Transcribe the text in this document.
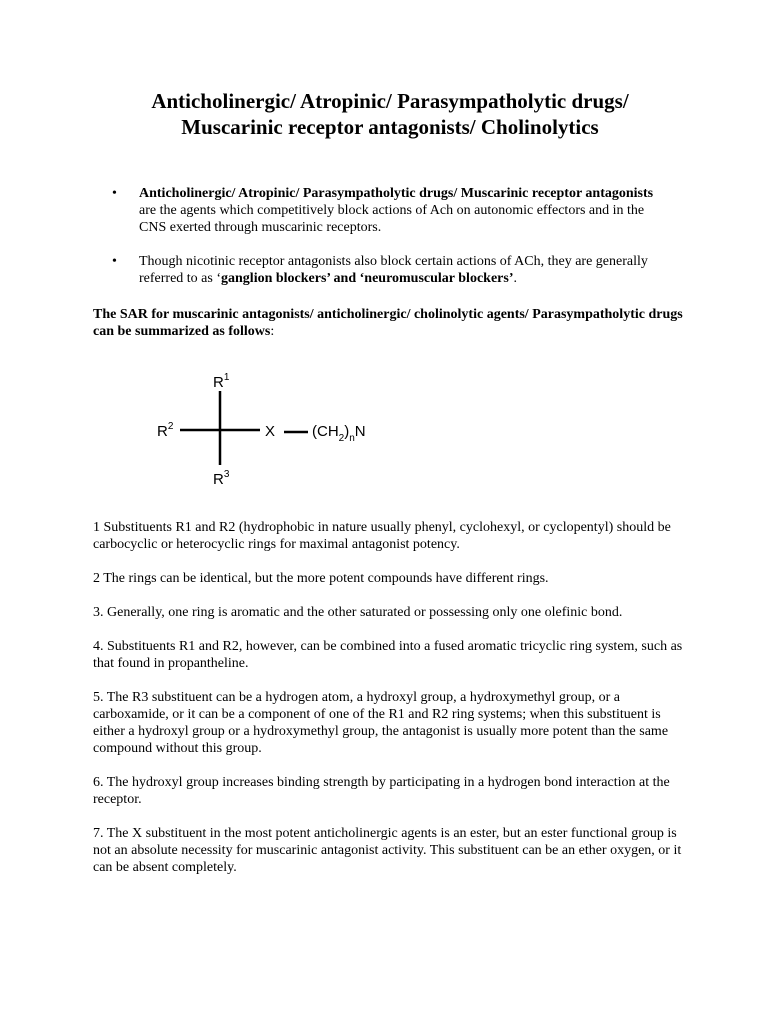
Anticholinergic/ Atropinic/ Parasympatholytic drugs/
Muscarinic receptor antagonists/ Cholinolytics
• Anticholinergic/ Atropinic/ Parasympatholytic drugs/ Muscarinic receptor antagonists are the agents which competitively block actions of Ach on autonomic effectors and in the CNS exerted through muscarinic receptors.
• Though nicotinic receptor antagonists also block certain actions of ACh, they are generally referred to as ‘ganglion blockers’ and ‘neuromuscular blockers’.

The SAR for muscarinic antagonists/ anticholinergic/ cholinolytic agents/ Parasympatholytic drugs can be summarized as follows:

$R^1$
$R^2$
$R^3$
X $(CH_2)_nN$

1 Substituents R1 and R2 (hydrophobic in nature usually phenyl, cyclohexyl, or cyclopentyl) should be carbocyclic or heterocyclic rings for maximal antagonist potency.

2 The rings can be identical, but the more potent compounds have different rings.

3. Generally, one ring is aromatic and the other saturated or possessing only one olefinic bond.

4. Substituents R1 and R2, however, can be combined into a fused aromatic tricyclic ring system, such as that found in propantheline.

5. The R3 substituent can be a hydrogen atom, a hydroxyl group, a hydroxymethyl group, or a carboxamide, or it can be a component of one of the R1 and R2 ring systems; when this substituent is either a hydroxyl group or a hydroxymethyl group, the antagonist is usually more potent than the same compound without this group.

6. The hydroxyl group increases binding strength by participating in a hydrogen bond interaction at the receptor.

7. The X substituent in the most potent anticholinergic agents is an ester, but an ester functional group is not an absolute necessity for muscarinic antagonist activity. This substituent can be an ether oxygen, or it can be absent completely.
